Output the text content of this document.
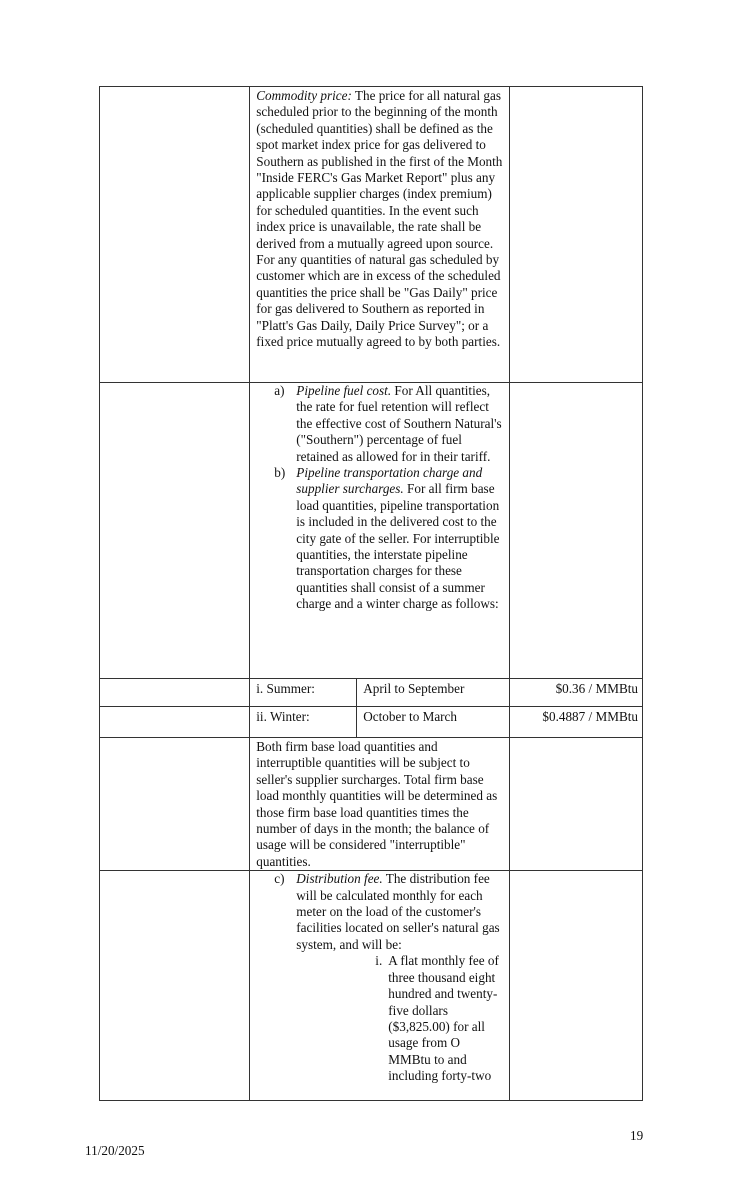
	Commodity price: The price for all natural gas scheduled prior to the beginning of the month (scheduled quantities) shall be defined as the spot market index price for gas delivered to Southern as published in the first of the Month "Inside FERC's Gas Market Report" plus any applicable supplier charges (index premium) for scheduled quantities. In the event such index price is unavailable, the rate shall be derived from a mutually agreed upon source. For any quantities of natural gas scheduled by customer which are in excess of the scheduled quantities the price shall be "Gas Daily" price for gas delivered to Southern as reported in "Platt's Gas Daily, Daily Price Survey"; or a fixed price mutually agreed to by both parties.	

	a) Pipeline fuel cost. For All quantities, the rate for fuel retention will reflect the effective cost of Southern Natural's ("Southern") percentage of fuel retained as allowed for in their tariff.
b) Pipeline transportation charge and supplier surcharges. For all firm base load quantities, pipeline transportation is included in the delivered cost to the city gate of the seller. For interruptible quantities, the interstate pipeline transportation charges for these quantities shall consist of a summer charge and a winter charge as follows:	

	i. Summer: April to September	$0.36 / MMBtu

	ii. Winter: October to March	$0.4887 / MMBtu

	Both firm base load quantities and interruptible quantities will be subject to seller's supplier surcharges. Total firm base load monthly quantities will be determined as those firm base load quantities times the number of days in the month; the balance of usage will be considered "interruptible" quantities.	

	c) Distribution fee. The distribution fee will be calculated monthly for each meter on the load of the customer's facilities located on seller's natural gas system, and will be:
i. A flat monthly fee of three thousand eight hundred and twenty-five dollars ($3,825.00) for all usage from O MMBtu to and including forty-two	

19
11/20/2025
